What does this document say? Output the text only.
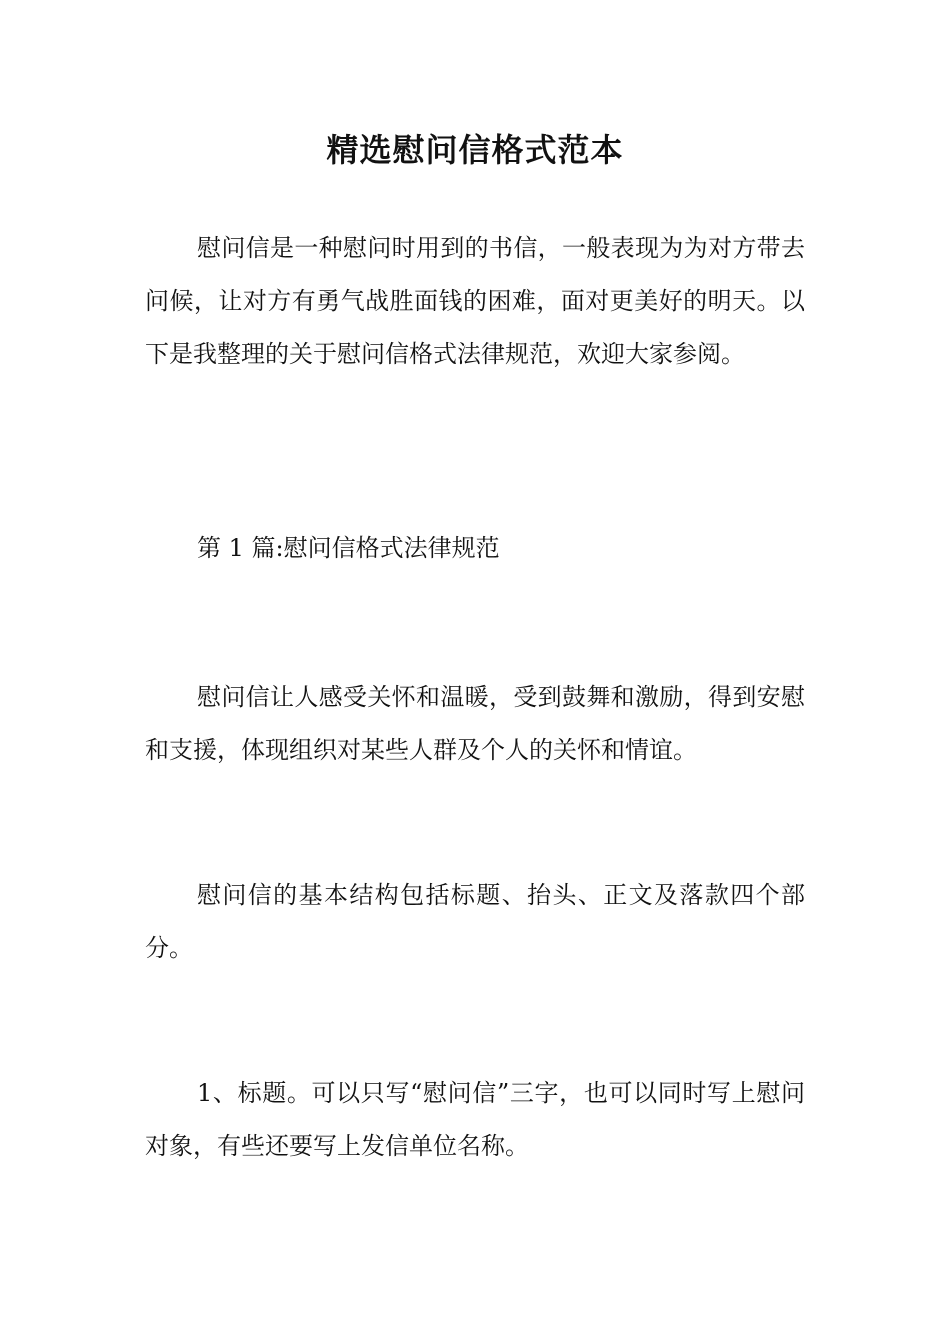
精选慰问信格式范本

慰问信是一种慰问时用到的书信，一般表现为为对方带去问候，让对方有勇气战胜面钱的困难，面对更美好的明天。以下是我整理的关于慰问信格式法律规范，欢迎大家参阅。

第 1 篇:慰问信格式法律规范

慰问信让人感受关怀和温暖，受到鼓舞和激励，得到安慰和支援，体现组织对某些人群及个人的关怀和情谊。

慰问信的基本结构包括标题、抬头、正文及落款四个部分。

1、标题。可以只写“慰问信”三字，也可以同时写上慰问对象，有些还要写上发信单位名称。
